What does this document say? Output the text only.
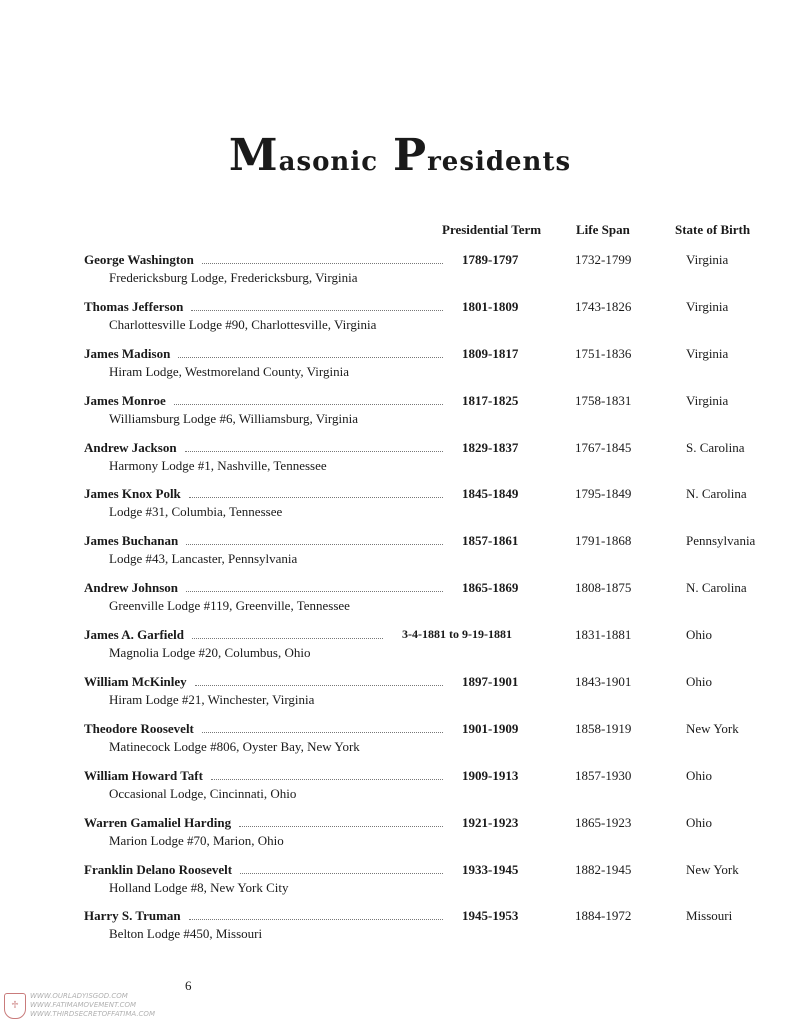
Masonic Presidents
Presidential Term	Life Span	State of Birth
George Washington	1789-1797	1732-1799	Virginia
Fredericksburg Lodge, Fredericksburg, Virginia
Thomas Jefferson	1801-1809	1743-1826	Virginia
Charlottesville Lodge #90, Charlottesville, Virginia
James Madison	1809-1817	1751-1836	Virginia
Hiram Lodge, Westmoreland County, Virginia
James Monroe	1817-1825	1758-1831	Virginia
Williamsburg Lodge #6, Williamsburg, Virginia
Andrew Jackson	1829-1837	1767-1845	S. Carolina
Harmony Lodge #1, Nashville, Tennessee
James Knox Polk	1845-1849	1795-1849	N. Carolina
Lodge #31, Columbia, Tennessee
James Buchanan	1857-1861	1791-1868	Pennsylvania
Lodge #43, Lancaster, Pennsylvania
Andrew Johnson	1865-1869	1808-1875	N. Carolina
Greenville Lodge #119, Greenville, Tennessee
James A. Garfield	3-4-1881 to 9-19-1881	1831-1881	Ohio
Magnolia Lodge #20, Columbus, Ohio
William McKinley	1897-1901	1843-1901	Ohio
Hiram Lodge #21, Winchester, Virginia
Theodore Roosevelt	1901-1909	1858-1919	New York
Matinecock Lodge #806, Oyster Bay, New York
William Howard Taft	1909-1913	1857-1930	Ohio
Occasional Lodge, Cincinnati, Ohio
Warren Gamaliel Harding	1921-1923	1865-1923	Ohio
Marion Lodge #70, Marion, Ohio
Franklin Delano Roosevelt	1933-1945	1882-1945	New York
Holland Lodge #8, New York City
Harry S. Truman	1945-1953	1884-1972	Missouri
Belton Lodge #450, Missouri
6
♱
WWW.OURLADYISGOD.COM
WWW.FATIMAMOVEMENT.COM
WWW.THIRDSECRETOFFATIMA.COM
